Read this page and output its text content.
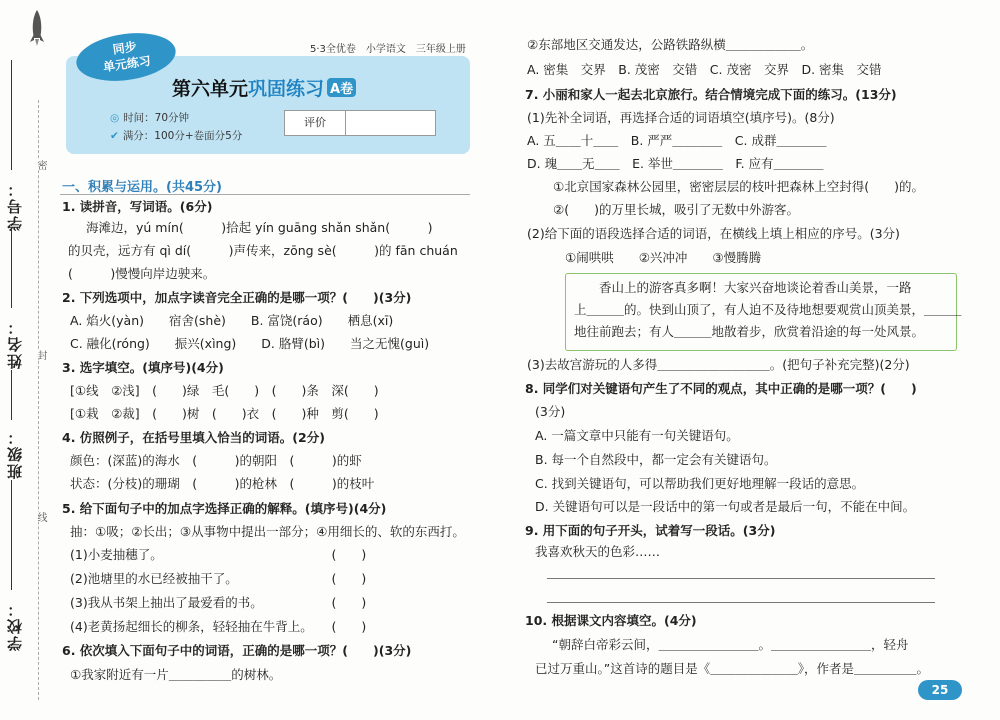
密
封
线
学号：
姓名：
班级：
学校：
5·3全优卷　小学语文　三年级上册
同步
单元练习
第六单元巩固练习 A卷
◎ 时间：70分钟
✔ 满分：100分+卷面分5分
评价
一、积累与运用。(共45分)
1. 读拼音，写词语。(6分)
海滩边，yú mín(　　　)拾起 yín guāng shǎn shǎn(　　　)
的贝壳，远方有 qì dí(　　　)声传来，zōng sè(　　　)的 fān chuán
(　　　)慢慢向岸边驶来。
2. 下列选项中，加点字读音完全正确的是哪一项？(　　)(3分)
A. 焰火(yàn)　　宿舍(shè)　　B. 富饶(ráo)　　栖息(xī)
C. 融化(róng)　　振兴(xìng)　　D. 胳臂(bì)　　当之无愧(guì)
3. 选字填空。(填序号)(4分)
[①线　②浅]　(　　)绿　毛(　　)　(　　)条　深(　　)
[①栽　②裁]　(　　)树　(　　)衣　(　　)种　剪(　　)
4. 仿照例子，在括号里填入恰当的词语。(2分)
颜色：(深蓝)的海水　(　　　)的朝阳　(　　　)的虾
状态：(分枝)的珊瑚　(　　　)的枪林　(　　　)的枝叶
5. 给下面句子中的加点字选择正确的解释。(填序号)(4分)
抽：①吸；②长出；③从事物中提出一部分；④用细长的、软的东西打。
(1)小麦抽穗了。　　　　　　　　　　　　　　(　　)
(2)池塘里的水已经被抽干了。　　　　　　　　(　　)
(3)我从书架上抽出了最爱看的书。　　　　　　(　　)
(4)老黄扬起细长的柳条，轻轻抽在牛背上。　　(　　)
6. 依次填入下面句子中的词语，正确的是哪一项？(　　)(3分)
①我家附近有一片＿＿＿＿＿的树林。
②东部地区交通发达，公路铁路纵横＿＿＿＿＿＿。
A. 密集　交界　B. 茂密　交错　C. 茂密　交界　D. 密集　交错
7. 小丽和家人一起去北京旅行。结合情境完成下面的练习。(13分)
(1)先补全词语，再选择合适的词语填空(填序号)。(8分)
A. 五＿＿十＿＿　B. 严严＿＿＿＿　C. 成群＿＿＿＿
D. 瑰＿＿无＿＿　E. 举世＿＿＿＿　F. 应有＿＿＿＿
①北京国家森林公园里，密密层层的枝叶把森林上空封得(　　)的。
②(　　)的万里长城，吸引了无数中外游客。
(2)给下面的语段选择合适的词语，在横线上填上相应的序号。(3分)
①闹哄哄　　②兴冲冲　　③慢腾腾
(3)去故宫游玩的人多得＿＿＿＿＿＿＿＿＿。(把句子补充完整)(2分)
8. 同学们对关键语句产生了不同的观点，其中正确的是哪一项？(　　)
(3分)
A. 一篇文章中只能有一句关键语句。
B. 每一个自然段中，都一定会有关键语句。
C. 找到关键语句，可以帮助我们更好地理解一段话的意思。
D. 关键语句可以是一段话中的第一句或者是最后一句，不能在中间。
9. 用下面的句子开头，试着写一段话。(3分)
我喜欢秋天的色彩……
10. 根据课文内容填空。(4分)
　　“朝辞白帝彩云间，＿＿＿＿＿＿＿＿。＿＿＿＿＿＿＿＿，轻舟
已过万重山。”这首诗的题目是《＿＿＿＿＿＿＿》，作者是＿＿＿＿＿。
　　香山上的游客真多啊！大家兴奋地谈论着香山美景，一路
上＿＿＿的。快到山顶了，有人迫不及待地想要观赏山顶美景，＿＿＿
地往前跑去；有人＿＿＿地散着步，欣赏着沿途的每一处风景。
25
